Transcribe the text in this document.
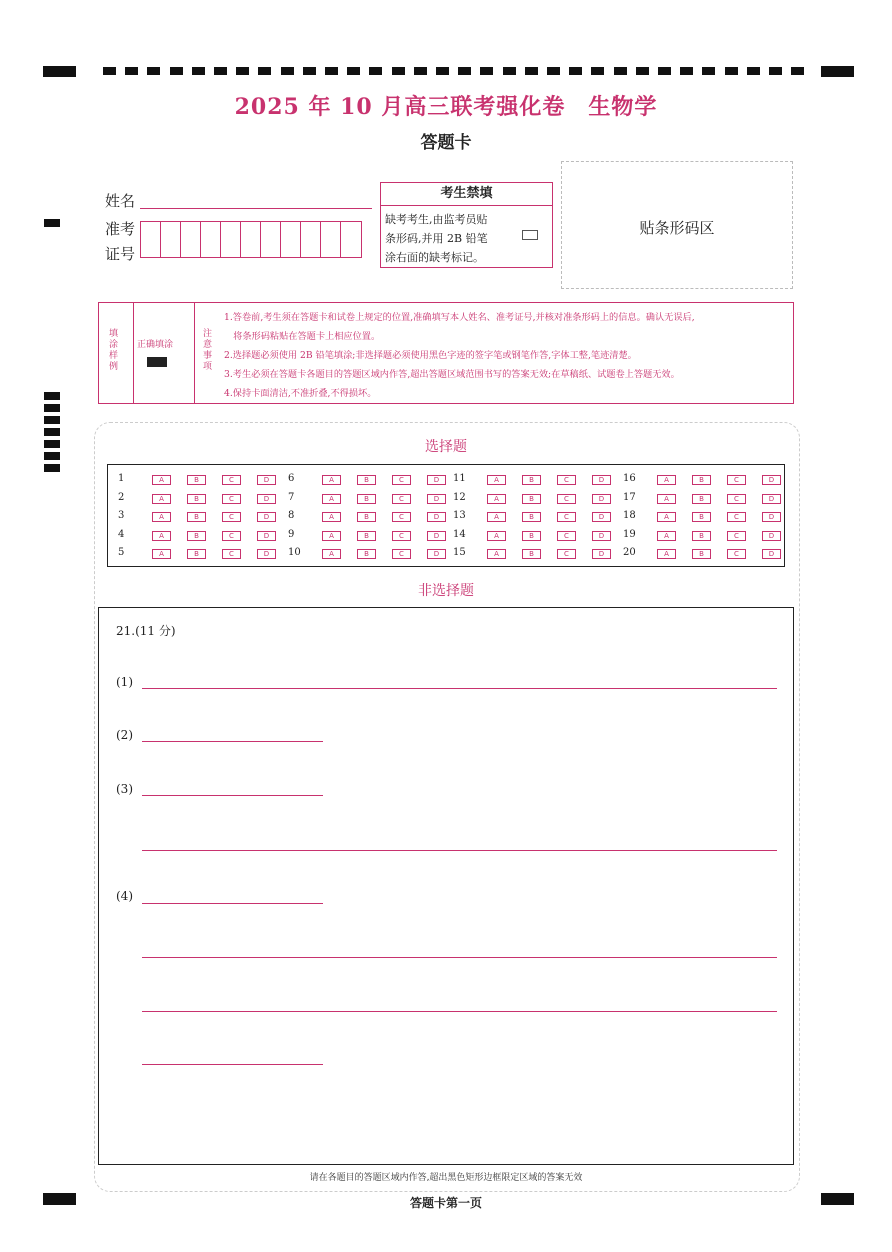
2025 年 10 月高三联考强化卷　生物学
答题卡
姓名
准考
证号
考生禁填
缺考考生,由监考员贴
条形码,并用 2B 铅笔
涂右面的缺考标记。
贴条形码区
填涂样例
正确填涂
注意事项
1.答卷前,考生须在答题卡和试卷上规定的位置,准确填写本人姓名、准考证号,并核对准条形码上的信息。确认无误后,
　将条形码粘贴在答题卡上相应位置。
2.选择题必须使用 2B 铅笔填涂;非选择题必须使用黑色字迹的签字笔或钢笔作答,字体工整,笔迹清楚。
3.考生必须在答题卡各题目的答题区域内作答,超出答题区域范围书写的答案无效;在草稿纸、试题卷上答题无效。
4.保持卡面清洁,不准折叠,不得损坏。
选择题
1	A	B	C	D
2	A	B	C	D
3	A	B	C	D
4	A	B	C	D
5	A	B	C	D
6	A	B	C	D
7	A	B	C	D
8	A	B	C	D
9	A	B	C	D
10	A	B	C	D
11	A	B	C	D
12	A	B	C	D
13	A	B	C	D
14	A	B	C	D
15	A	B	C	D
16	A	B	C	D
17	A	B	C	D
18	A	B	C	D
19	A	B	C	D
20	A	B	C	D
非选择题
21.(11 分)
(1)
(2)
(3)
(4)
请在各题目的答题区域内作答,超出黑色矩形边框限定区域的答案无效
答题卡第一页
